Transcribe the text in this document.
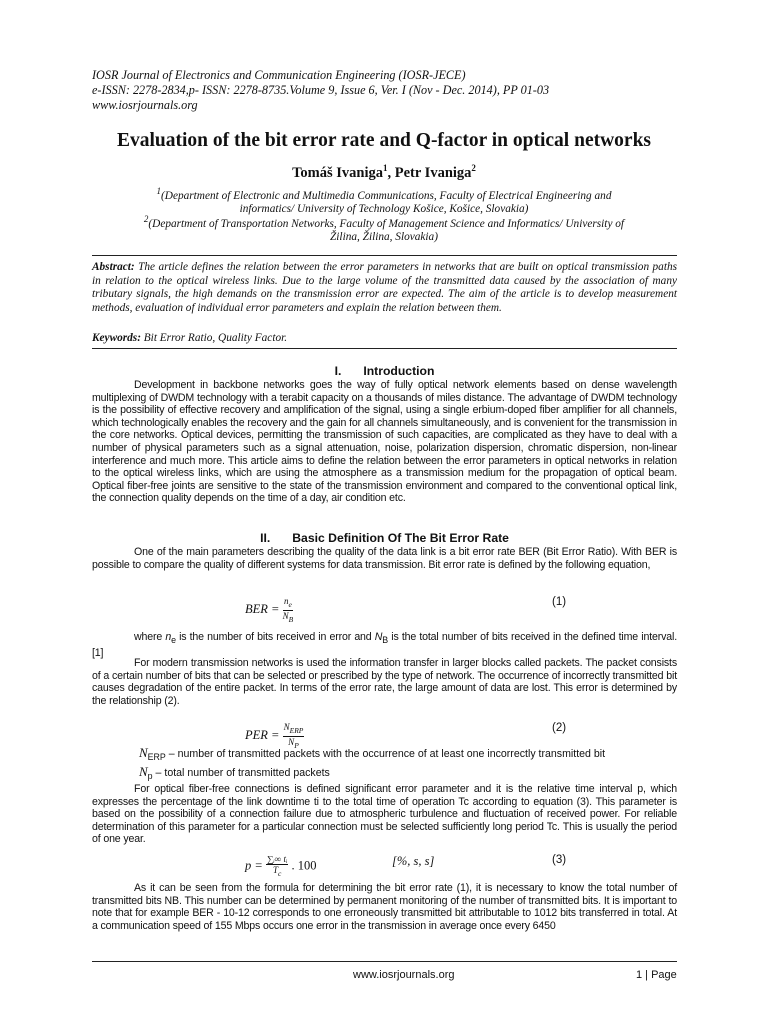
IOSR Journal of Electronics and Communication Engineering (IOSR-JECE)
e-ISSN: 2278-2834,p- ISSN: 2278-8735.Volume 9, Issue 6, Ver. I (Nov - Dec. 2014), PP 01-03
www.iosrjournals.org
Evaluation of the bit error rate and Q-factor in optical networks
Tomáš Ivaniga$^1$, Petr Ivaniga$^2$
$^1$(Department of Electronic and Multimedia Communications, Faculty of Electrical Engineering and
informatics/ University of Technology Košice, Košice, Slovakia)
$^2$(Department of Transportation Networks, Faculty of Management Science and Informatics/ University of
Žilina, Žilina, Slovakia)
Abstract: The article defines the relation between the error parameters in networks that are built on optical transmission paths in relation to the optical wireless links. Due to the large volume of the transmitted data caused by the association of many tributary signals, the high demands on the transmission error are expected. The aim of the article is to develop measurement methods, evaluation of individual error parameters and explain the relation between them.
Keywords: Bit Error Ratio, Quality Factor.
I. Introduction
Development in backbone networks goes the way of fully optical network elements based on dense wavelength multiplexing of DWDM technology with a terabit capacity on a thousands of miles distance. The advantage of DWDM technology is the possibility of effective recovery and amplification of the signal, using a single erbium-doped fiber amplifier for all channels, which technologically enables the recovery and the gain for all channels simultaneously, and is convenient for the transmission in the core networks. Optical devices, permitting the transmission of such capacities, are complicated as they have to deal with a number of physical parameters such as a signal attenuation, noise, polarization dispersion, chromatic dispersion, non-linear interference and much more. This article aims to define the relation between the error parameters in optical networks in relation to the optical wireless links, which are using the atmosphere as a transmission medium for the propagation of optical beam. Optical fiber-free joints are sensitive to the state of the transmission environment and compared to the conventional optical link, the connection quality depends on the time of a day, air condition etc.
II. Basic Definition Of The Bit Error Rate
One of the main parameters describing the quality of the data link is a bit error rate BER (Bit Error Ratio). With BER is possible to compare the quality of different systems for data transmission. Bit error rate is defined by the following equation,
BER = $\frac{n_e}{N_B}$	(1)
where $n_e$ is the number of bits received in error and $N_B$ is the total number of bits received in the defined time interval. [1]
For modern transmission networks is used the information transfer in larger blocks called packets. The packet consists of a certain number of bits that can be selected or prescribed by the type of network. The occurrence of incorrectly transmitted bit causes degradation of the entire packet. In terms of the error rate, the large amount of data are lost. This error is determined by the relationship (2).
PER = $\frac{N_{ERP}}{N_P}$	(2)
$N_{ERP}$ – number of transmitted packets with the occurrence of at least one incorrectly transmitted bit
$N_p$ – total number of transmitted packets
For optical fiber-free connections is defined significant error parameter and it is the relative time interval p, which expresses the percentage of the link downtime ti to the total time of operation Tc according to equation (3). This parameter is based on the possibility of a connection failure due to atmospheric turbulence and fluctuation of received power. For reliable determination of this parameter for a particular connection must be selected sufficiently long period Tc. This is usually the period of one year.
$p = \frac{\text{∑ᵢ∞ tᵢ}}{T_c}$ . 100	[%, s, s]	(3)
As it can be seen from the formula for determining the bit error rate (1), it is necessary to know the total number of transmitted bits NB. This number can be determined by permanent monitoring of the number of transmitted bits. It is important to note that for example BER - 10-12 corresponds to one erroneously transmitted bit attributable to 1012 bits transferred in total. At a communication speed of 155 Mbps occurs one error in the transmission in average once every 6450
www.iosrjournals.org	1 | Page
